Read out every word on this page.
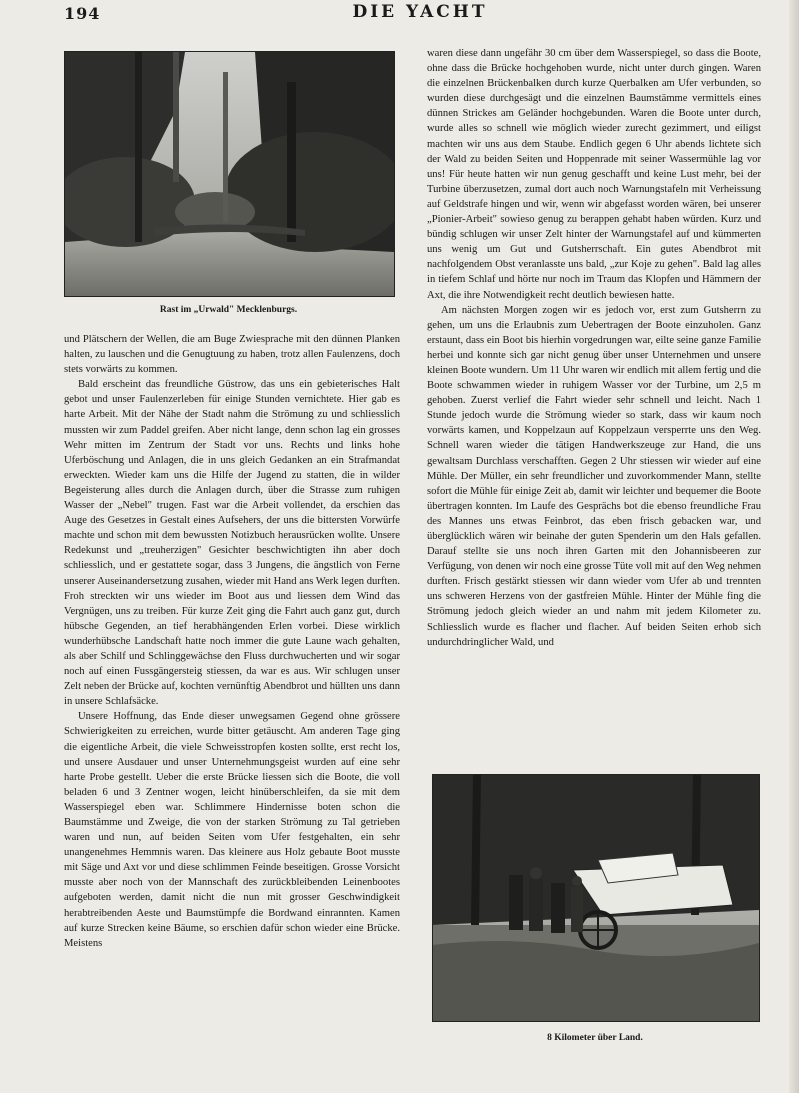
194	DIE YACHT
Rast im „Urwald" Mecklenburgs.

und Plätschern der Wellen, die am Buge Zwiesprache mit den dünnen Planken halten, zu lauschen und die Genugtuung zu haben, trotz allen Faulenzens, doch stets vorwärts zu kommen.

Bald erscheint das freundliche Güstrow, das uns ein gebieterisches Halt gebot und unser Faulenzerleben für einige Stunden vernichtete. Hier gab es harte Arbeit. Mit der Nähe der Stadt nahm die Strömung zu und schliesslich mussten wir zum Paddel greifen. Aber nicht lange, denn schon lag ein grosses Wehr mitten im Zentrum der Stadt vor uns. Rechts und links hohe Uferböschung und Anlagen, die in uns gleich Gedanken an ein Strafmandat erweckten. Wieder kam uns die Hilfe der Jugend zu statten, die in wilder Begeisterung alles durch die Anlagen durch, über die Strasse zum ruhigen Wasser der „Nebel" trugen. Fast war die Arbeit vollendet, da erschien das Auge des Gesetzes in Gestalt eines Aufsehers, der uns die bittersten Vorwürfe machte und schon mit dem bewussten Notizbuch herausrücken wollte. Unsere Redekunst und „treuherzigen" Gesichter beschwichtigten ihn aber doch schliesslich, und er gestattete sogar, dass 3 Jungens, die ängstlich von Ferne unserer Auseinandersetzung zusahen, wieder mit Hand ans Werk legen durften. Froh streckten wir uns wieder im Boot aus und liessen dem Wind das Vergnügen, uns zu treiben. Für kurze Zeit ging die Fahrt auch ganz gut, durch hübsche Gegenden, an tief herabhängenden Erlen vorbei. Diese wirklich wunderhübsche Landschaft hatte noch immer die gute Laune wach gehalten, als aber Schilf und Schlinggewächse den Fluss durchwucherten und wir sogar noch auf einen Fussgängersteig stiessen, da war es aus. Wir schlugen unser Zelt neben der Brücke auf, kochten vernünftig Abendbrot und hüllten uns dann in unsere Schlafsäcke.

Unsere Hoffnung, das Ende dieser unwegsamen Gegend ohne grössere Schwierigkeiten zu erreichen, wurde bitter getäuscht. Am anderen Tage ging die eigentliche Arbeit, die viele Schweisstropfen kosten sollte, erst recht los, und unsere Ausdauer und unser Unternehmungsgeist wurden auf eine sehr harte Probe gestellt. Ueber die erste Brücke liessen sich die Boote, die voll beladen 6 und 3 Zentner wogen, leicht hinüberschleifen, da sie mit dem Wasserspiegel eben war. Schlimmere Hindernisse boten schon die Baumstämme und Zweige, die von der starken Strömung zu Tal getrieben waren und nun, auf beiden Seiten vom Ufer festgehalten, ein sehr unangenehmes Hemmnis waren. Das kleinere aus Holz gebaute Boot musste mit Säge und Axt vor und diese schlimmen Feinde beseitigen. Grosse Vorsicht musste aber noch von der Mannschaft des zurückbleibenden Leinenbootes aufgeboten werden, damit nicht die nun mit grosser Geschwindigkeit herabtreibenden Aeste und Baumstümpfe die Bordwand einrannten. Kamen auf kurze Strecken keine Bäume, so erschien dafür schon wieder eine Brücke. Meistens

waren diese dann ungefähr 30 cm über dem Wasserspiegel, so dass die Boote, ohne dass die Brücke hochgehoben wurde, nicht unter durch gingen. Waren die einzelnen Brückenbalken durch kurze Querbalken am Ufer verbunden, so wurden diese durchgesägt und die einzelnen Baumstämme vermittels eines dünnen Strickes am Geländer hochgebunden. Waren die Boote unter durch, wurde alles so schnell wie möglich wieder zurecht gezimmert, und eiligst machten wir uns aus dem Staube. Endlich gegen 6 Uhr abends lichtete sich der Wald zu beiden Seiten und Hoppenrade mit seiner Wassermühle lag vor uns! Für heute hatten wir nun genug geschafft und keine Lust mehr, bei der Turbine überzusetzen, zumal dort auch noch Warnungstafeln mit Verheissung auf Geldstrafe hingen und wir, wenn wir abgefasst worden wären, bei unserer „Pionier-Arbeit" sowieso genug zu berappen gehabt haben würden. Kurz und bündig schlugen wir unser Zelt hinter der Warnungstafel auf und kümmerten uns wenig um Gut und Gutsherrschaft. Ein gutes Abendbrot mit nachfolgendem Obst veranlasste uns bald, „zur Koje zu gehen". Bald lag alles in tiefem Schlaf und hörte nur noch im Traum das Klopfen und Hämmern der Axt, die ihre Notwendigkeit recht deutlich bewiesen hatte.

Am nächsten Morgen zogen wir es jedoch vor, erst zum Gutsherrn zu gehen, um uns die Erlaubnis zum Uebertragen der Boote einzuholen. Ganz erstaunt, dass ein Boot bis hierhin vorgedrungen war, eilte seine ganze Familie herbei und konnte sich gar nicht genug über unser Unternehmen und unsere kleinen Boote wundern. Um 11 Uhr waren wir endlich mit allem fertig und die Boote schwammen wieder in ruhigem Wasser vor der Turbine, um 2,5 m gehoben. Zuerst verlief die Fahrt wieder sehr schnell und leicht. Nach 1 Stunde jedoch wurde die Strömung wieder so stark, dass wir kaum noch vorwärts kamen, und Koppelzaun auf Koppelzaun versperrte uns den Weg. Schnell waren wieder die tätigen Handwerkszeuge zur Hand, die uns gewaltsam Durchlass verschafften. Gegen 2 Uhr stiessen wir wieder auf eine Mühle. Der Müller, ein sehr freundlicher und zuvorkommender Mann, stellte sofort die Mühle für einige Zeit ab, damit wir leichter und bequemer die Boote übertragen konnten. Im Laufe des Gesprächs bot die ebenso freundliche Frau des Mannes uns etwas Feinbrot, das eben frisch gebacken war, und überglücklich wären wir beinahe der guten Spenderin um den Hals gefallen. Darauf stellte sie uns noch ihren Garten mit den Johannisbeeren zur Verfügung, von denen wir noch eine grosse Tüte voll mit auf den Weg nehmen durften. Frisch gestärkt stiessen wir dann wieder vom Ufer ab und trennten uns schweren Herzens von der gastfreien Mühle. Hinter der Mühle fing die Strömung jedoch gleich wieder an und nahm mit jedem Kilometer zu. Schliesslich wurde es flacher und flacher. Auf beiden Seiten erhob sich undurchdringlicher Wald, und

8 Kilometer über Land.
